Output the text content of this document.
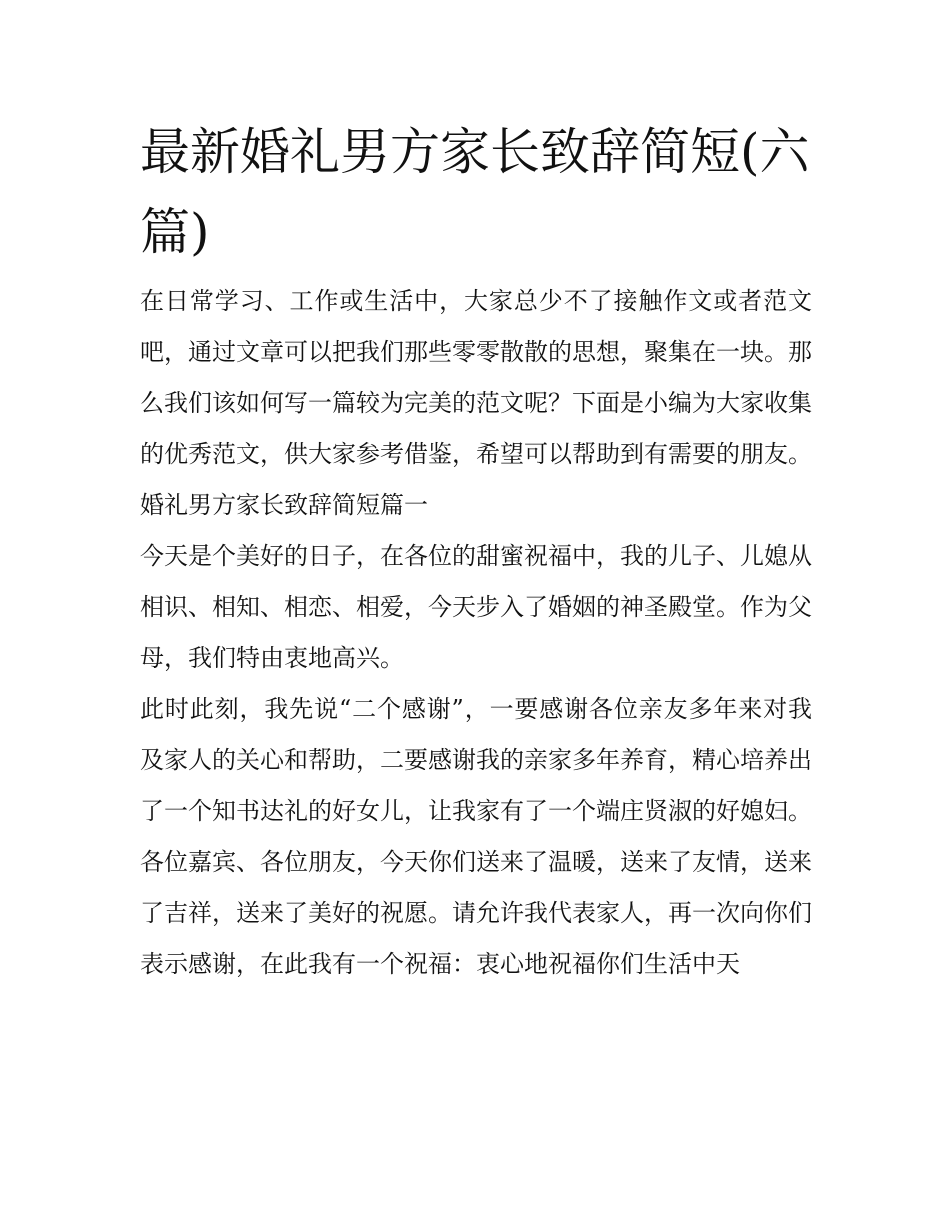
最新婚礼男方家长致辞简短(六篇)

在日常学习、工作或生活中，大家总少不了接触作文或者范文吧，通过文章可以把我们那些零零散散的思想，聚集在一块。那么我们该如何写一篇较为完美的范文呢？下面是小编为大家收集的优秀范文，供大家参考借鉴，希望可以帮助到有需要的朋友。

婚礼男方家长致辞简短篇一

今天是个美好的日子，在各位的甜蜜祝福中，我的儿子、儿媳从相识、相知、相恋、相爱，今天步入了婚姻的神圣殿堂。作为父母，我们特由衷地高兴。

此时此刻，我先说“二个感谢”，一要感谢各位亲友多年来对我及家人的关心和帮助，二要感谢我的亲家多年养育，精心培养出了一个知书达礼的好女儿，让我家有了一个端庄贤淑的好媳妇。

各位嘉宾、各位朋友，今天你们送来了温暖，送来了友情，送来了吉祥，送来了美好的祝愿。请允许我代表家人，再一次向你们表示感谢，在此我有一个祝福：衷心地祝福你们生活中天
